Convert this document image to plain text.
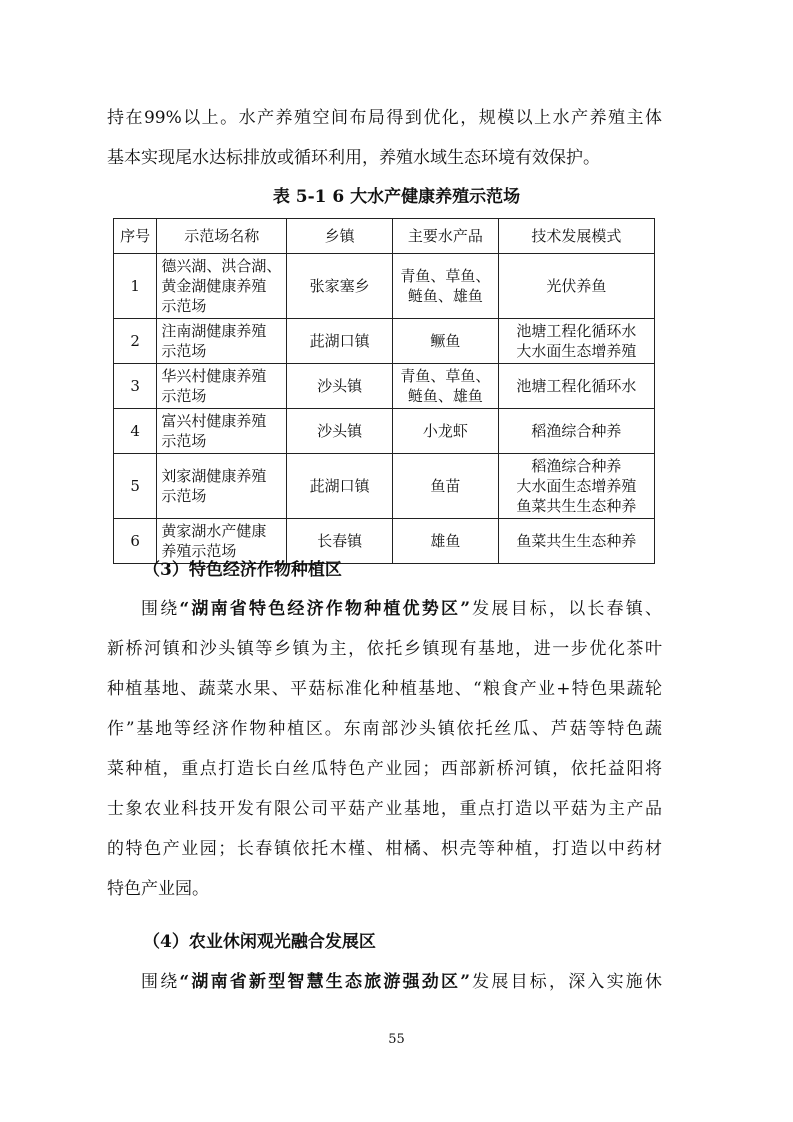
持在99%以上。水产养殖空间布局得到优化，规模以上水产养殖主体

基本实现尾水达标排放或循环利用，养殖水域生态环境有效保护。

表 5-1 6 大水产健康养殖示范场
序号	示范场名称	乡镇	主要水产品	技术发展模式
1	德兴湖、洪合湖、
黄金湖健康养殖
示范场	张家塞乡	青鱼、草鱼、
鲢鱼、雄鱼	光伏养鱼

2	注南湖健康养殖
示范场	茈湖口镇	鳜鱼	池塘工程化循环水
大水面生态增养殖

3	华兴村健康养殖
示范场	沙头镇	青鱼、草鱼、
鲢鱼、雄鱼	池塘工程化循环水

4	富兴村健康养殖
示范场	沙头镇	小龙虾	稻渔综合种养

5	刘家湖健康养殖
示范场	茈湖口镇	鱼苗	稻渔综合种养
大水面生态增养殖
鱼菜共生生态种养

6	黄家湖水产健康
养殖示范场	长春镇	雄鱼	鱼菜共生生态种养
（3）特色经济作物种植区
围绕“湖南省特色经济作物种植优势区”发展目标，以长春镇、
新桥河镇和沙头镇等乡镇为主，依托乡镇现有基地，进一步优化茶叶
种植基地、蔬菜水果、平菇标准化种植基地、“粮食产业+特色果蔬轮
作”基地等经济作物种植区。东南部沙头镇依托丝瓜、芦菇等特色蔬
菜种植，重点打造长白丝瓜特色产业园；西部新桥河镇，依托益阳将
士象农业科技开发有限公司平菇产业基地，重点打造以平菇为主产品
的特色产业园；长春镇依托木槿、柑橘、枳壳等种植，打造以中药材
特色产业园。
（4）农业休闲观光融合发展区
围绕“湖南省新型智慧生态旅游强劲区”发展目标，深入实施休
55
